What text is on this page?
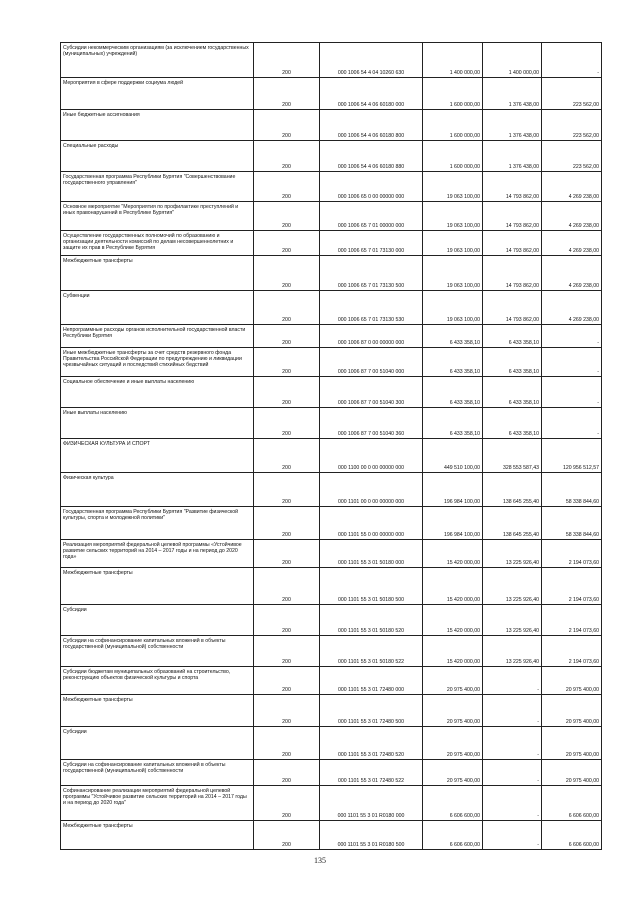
Субсидии некоммерческим организациям (за исключением государственных (муниципальных) учреждений)	200	000 1006 54 4 04 10260 630	1 400 000,00	1 400 000,00	-

Мероприятия в сфере поддержки социума людей	200	000 1006 54 4 06 60180 000	1 600 000,00	1 376 438,00	223 562,00

Иные бюджетные ассигнования	200	000 1006 54 4 06 60180 800	1 600 000,00	1 376 438,00	223 562,00

Специальные расходы	200	000 1006 54 4 06 60180 880	1 600 000,00	1 376 438,00	223 562,00

Государственная программа Республики Бурятия "Совершенствование государственного управления"	200	000 1006 65 0 00 00000 000	19 063 100,00	14 793 862,00	4 269 238,00

Основное мероприятие "Мероприятия по профилактике преступлений и иных правонарушений в Республике Бурятия"	200	000 1006 65 7 01 00000 000	19 063 100,00	14 793 862,00	4 269 238,00

Осуществление государственных полномочий по образованию и организации деятельности комиссий по делам несовершеннолетних и защите их прав в Республике Бурятия	200	000 1006 65 7 01 73130 000	19 063 100,00	14 793 862,00	4 269 238,00

Межбюджетные трансферты	200	000 1006 65 7 01 73130 500	19 063 100,00	14 793 862,00	4 269 238,00

Субвенции	200	000 1006 65 7 01 73130 530	19 063 100,00	14 793 862,00	4 269 238,00

Непрограммные расходы органов исполнительной государственной власти Республики Бурятия	200	000 1006 87 0 00 00000 000	6 433 358,10	6 433 358,10	-

Иные межбюджетные трансферты за счет средств резервного фонда Правительства Российской Федерации по предупреждению и ликвидации чрезвычайных ситуаций и последствий стихийных бедствий	200	000 1006 87 7 00 51040 000	6 433 358,10	6 433 358,10	-

Социальное обеспечение и иные выплаты населению	200	000 1006 87 7 00 51040 300	6 433 358,10	6 433 358,10	-

Иные выплаты населению	200	000 1006 87 7 00 51040 360	6 433 358,10	6 433 358,10	-

ФИЗИЧЕСКАЯ КУЛЬТУРА И СПОРТ	200	000 1100 00 0 00 00000 000	449 510 100,00	328 553 587,43	120 956 512,57

Физическая культура	200	000 1101 00 0 00 00000 000	196 984 100,00	138 645 255,40	58 338 844,60

Государственная программа Республики Бурятия "Развитие физической культуры, спорта и молодежной политики"	200	000 1101 55 0 00 00000 000	196 984 100,00	138 645 255,40	58 338 844,60

Реализация мероприятий федеральной целевой программы «Устойчивое развитие сельских территорий на 2014 – 2017 годы и на период до 2020 года»	200	000 1101 55 3 01 50180 000	15 420 000,00	13 225 926,40	2 194 073,60

Межбюджетные трансферты	200	000 1101 55 3 01 50180 500	15 420 000,00	13 225 926,40	2 194 073,60

Субсидии	200	000 1101 55 3 01 50180 520	15 420 000,00	13 225 926,40	2 194 073,60

Субсидии на софинансирование капитальных вложений в объекты государственной (муниципальной) собственности	200	000 1101 55 3 01 50180 522	15 420 000,00	13 225 926,40	2 194 073,60

Субсидии бюджетам муниципальных образований на строительство, реконструкцию объектов физической культуры и спорта	200	000 1101 55 3 01 72480 000	20 975 400,00	-	20 975 400,00

Межбюджетные трансферты	200	000 1101 55 3 01 72480 500	20 975 400,00	-	20 975 400,00

Субсидии	200	000 1101 55 3 01 72480 520	20 975 400,00	-	20 975 400,00

Субсидии на софинансирование капитальных вложений в объекты государственной (муниципальной) собственности	200	000 1101 55 3 01 72480 522	20 975 400,00	-	20 975 400,00

Софинансирование реализации мероприятий федеральной целевой программы "Устойчивое развитие сельских территорий на 2014 – 2017 годы и на период до 2020 года"	200	000 1101 55 3 01 R0180 000	6 606 600,00	-	6 606 600,00

Межбюджетные трансферты	200	000 1101 55 3 01 R0180 500	6 606 600,00	-	6 606 600,00
135
